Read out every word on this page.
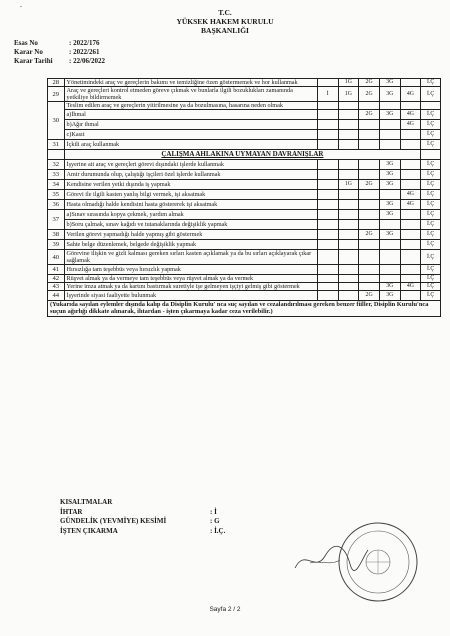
-
T.C.
YÜKSEK HAKEM KURULU
BAŞKANLIĞI
Esas No	: 2022/176
Karar No	: 2022/261
Karar Tarihi	: 22/06/2022
28	Yönetimindeki araç ve gereçlerin bakımı ve temizliğine özen göstermemek ve hor kullanmak		1G	2G	3G		İ.Ç
29	Araç ve gereçleri kontrol etmeden göreve çıkmak ve bunlarla ilgili bozuklukları zamanında yetkiliye bildirmemek	İ	1G	2G	3G	4G	İ.Ç
30	Teslim edilen araç ve gereçlerin yitirilmesine ya da bozulmasına, hasarına neden olmak						
	a)İhmal			2G	3G	4G	İ.Ç
	b)Ağır ihmal					4G	İ.Ç
	c)Kasıt						İ.Ç
31	İçkili araç kullanmak						İ.Ç
	ÇALIŞMA AHLAKINA UYMAYAN DAVRANIŞLAR						
32	İşyerine ait araç ve gereçleri görevi dışındaki işlerde kullanmak				3G		İ.Ç
33	Amir durumunda olup, çalıştığı işçileri özel işlerde kullanmak				3G		İ.Ç
34	Kendisine verilen yetki dışında iş yapmak		1G	2G	3G		İ.Ç
35	Görevi ile ilgili kasten yanlış bilgi vermek, işi aksatmak					4G	İ.Ç
36	Hasta olmadığı halde kendisini hasta göstererek işi aksatmak				3G	4G	İ.Ç
37	a)Sınav sırasında kopya çekmek, yardım almak				3G		İ.Ç
	b)Soru çalmak, sınav kağıdı ve tutanaklarında değişiklik yapmak						İ.Ç
38	Verilen görevi yapmadığı halde yapmış gibi göstermek			2G	3G		İ.Ç
39	Sahte belge düzenlemek, belgede değişiklik yapmak						İ.Ç
40	Görevine ilişkin ve gizli kalması gereken sırları kasten açıklamak ya da bu sırları açıklayarak çıkar sağlamak						İ.Ç
41	Hırsızlığa tam teşebbüs veya hırsızlık yapmak						İ.Ç
42	Rüşvet almak ya da vermeye tam teşebbüs veya rüşvet almak ya da vermek						İ.Ç
43	Yerine imza atmak ya da kartını bastırmak suretiyle işe gelmeyen işçiyi gelmiş gibi göstermek				3G	4G	İ.Ç
44	İşyerinde siyasi faaliyette bulunmak			2G	3G		İ.Ç
(Yukarıda sayılan eylemler dışında kalıp da Disiplin Kurulu' nca suç sayılan ve cezalandırılması gereken benzer fiiller, Disiplin Kurulu'nca suçun ağırlığı dikkate alınarak, ihtardan - işten çıkarmaya kadar ceza verilebilir.)							
KISALTMALAR
İHTAR	: İ
GÜNDELİK (YEVMİYE) KESİMİ	: G
İŞTEN ÇIKARMA	: İ.Ç.
Sayfa 2 / 2
